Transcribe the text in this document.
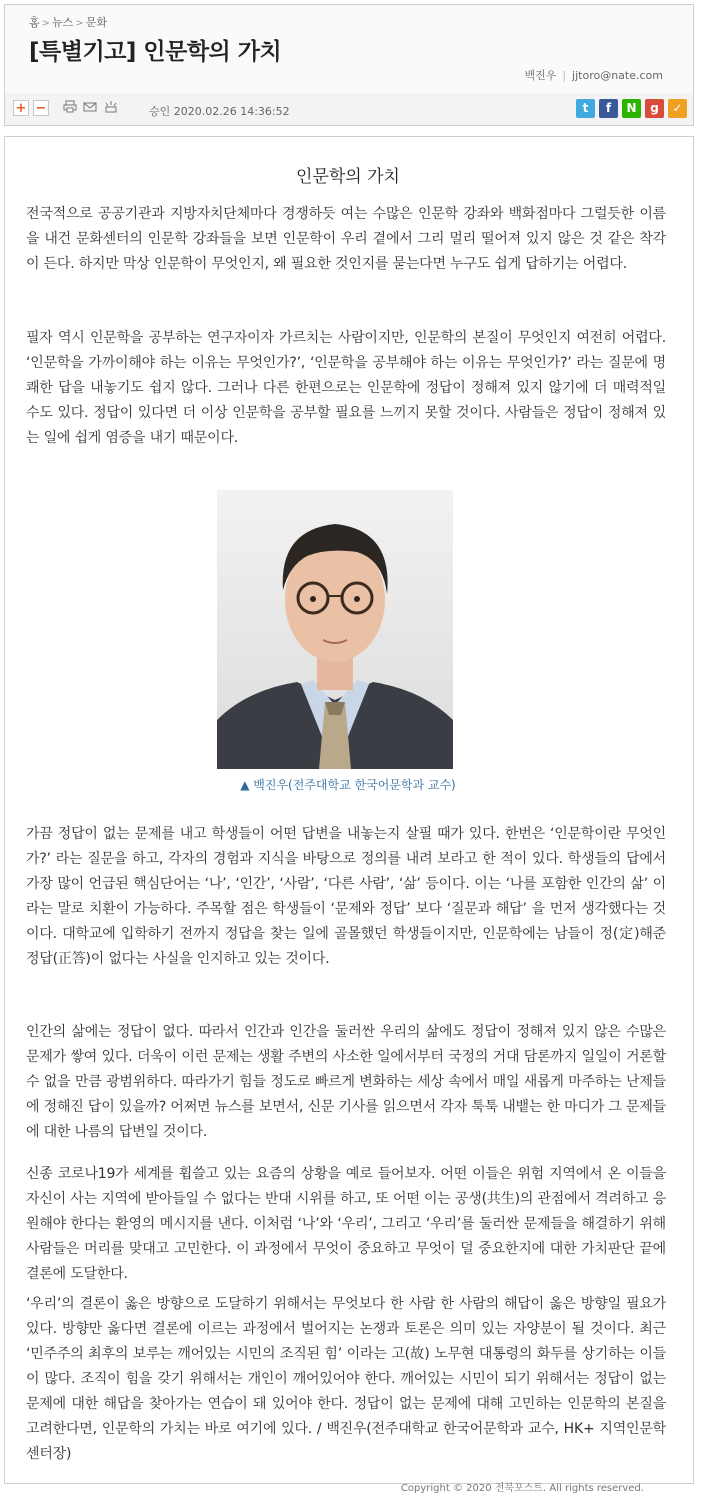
홈 > 뉴스 > 문화
[특별기고] 인문학의 가치
백진우 | jjtoro@nate.com
+ −	승인 2020.02.26 14:36:52	t	f	N	g	✓
인문학의 가치

전국적으로 공공기관과 지방자치단체마다 경쟁하듯 여는 수많은 인문학 강좌와 백화점마다 그럴듯한 이름을 내건 문화센터의 인문학 강좌들을 보면 인문학이 우리 곁에서 그리 멀리 떨어져 있지 않은 것 같은 착각이 든다. 하지만 막상 인문학이 무엇인지, 왜 필요한 것인지를 묻는다면 누구도 쉽게 답하기는 어렵다.

필자 역시 인문학을 공부하는 연구자이자 가르치는 사람이지만, 인문학의 본질이 무엇인지 여전히 어렵다. ‘인문학을 가까이해야 하는 이유는 무엇인가?’, ‘인문학을 공부해야 하는 이유는 무엇인가?’ 라는 질문에 명쾌한 답을 내놓기도 쉽지 않다. 그러나 다른 한편으로는 인문학에 정답이 정해져 있지 않기에 더 매력적일 수도 있다. 정답이 있다면 더 이상 인문학을 공부할 필요를 느끼지 못할 것이다. 사람들은 정답이 정해져 있는 일에 쉽게 염증을 내기 때문이다.

▲ 백진우(전주대학교 한국어문학과 교수)

가끔 정답이 없는 문제를 내고 학생들이 어떤 답변을 내놓는지 살필 때가 있다. 한번은 ‘인문학이란 무엇인가?’ 라는 질문을 하고, 각자의 경험과 지식을 바탕으로 정의를 내려 보라고 한 적이 있다. 학생들의 답에서 가장 많이 언급된 핵심단어는 ‘나’, ‘인간’, ‘사람’, ‘다른 사람’, ‘삶’ 등이다. 이는 ‘나를 포함한 인간의 삶’ 이라는 말로 치환이 가능하다. 주목할 점은 학생들이 ‘문제와 정답’ 보다 ‘질문과 해답’ 을 먼저 생각했다는 것이다. 대학교에 입학하기 전까지 정답을 찾는 일에 골몰했던 학생들이지만, 인문학에는 남들이 정(定)해준 정답(正答)이 없다는 사실을 인지하고 있는 것이다.

인간의 삶에는 정답이 없다. 따라서 인간과 인간을 둘러싼 우리의 삶에도 정답이 정해져 있지 않은 수많은 문제가 쌓여 있다. 더욱이 이런 문제는 생활 주변의 사소한 일에서부터 국정의 거대 담론까지 일일이 거론할 수 없을 만큼 광범위하다. 따라가기 힘들 정도로 빠르게 변화하는 세상 속에서 매일 새롭게 마주하는 난제들에 정해진 답이 있을까? 어쩌면 뉴스를 보면서, 신문 기사를 읽으면서 각자 툭툭 내뱉는 한 마디가 그 문제들에 대한 나름의 답변일 것이다.

신종 코로나19가 세계를 휩쓸고 있는 요즘의 상황을 예로 들어보자. 어떤 이들은 위험 지역에서 온 이들을 자신이 사는 지역에 받아들일 수 없다는 반대 시위를 하고, 또 어떤 이는 공생(共生)의 관점에서 격려하고 응원해야 한다는 환영의 메시지를 낸다. 이처럼 ‘나’와 ‘우리’, 그리고 ‘우리’를 둘러싼 문제들을 해결하기 위해 사람들은 머리를 맞대고 고민한다. 이 과정에서 무엇이 중요하고 무엇이 덜 중요한지에 대한 가치판단 끝에 결론에 도달한다.

‘우리’의 결론이 옳은 방향으로 도달하기 위해서는 무엇보다 한 사람 한 사람의 해답이 옳은 방향일 필요가 있다. 방향만 옳다면 결론에 이르는 과정에서 벌어지는 논쟁과 토론은 의미 있는 자양분이 될 것이다. 최근 ‘민주주의 최후의 보루는 깨어있는 시민의 조직된 힘’ 이라는 고(故) 노무현 대통령의 화두를 상기하는 이들이 많다. 조직이 힘을 갖기 위해서는 개인이 깨어있어야 한다. 깨어있는 시민이 되기 위해서는 정답이 없는 문제에 대한 해답을 찾아가는 연습이 돼 있어야 한다. 정답이 없는 문제에 대해 고민하는 인문학의 본질을 고려한다면, 인문학의 가치는 바로 여기에 있다. / 백진우(전주대학교 한국어문학과 교수, HK+ 지역인문학센터장)

Copyright © 2020 전북포스트. All rights reserved.
